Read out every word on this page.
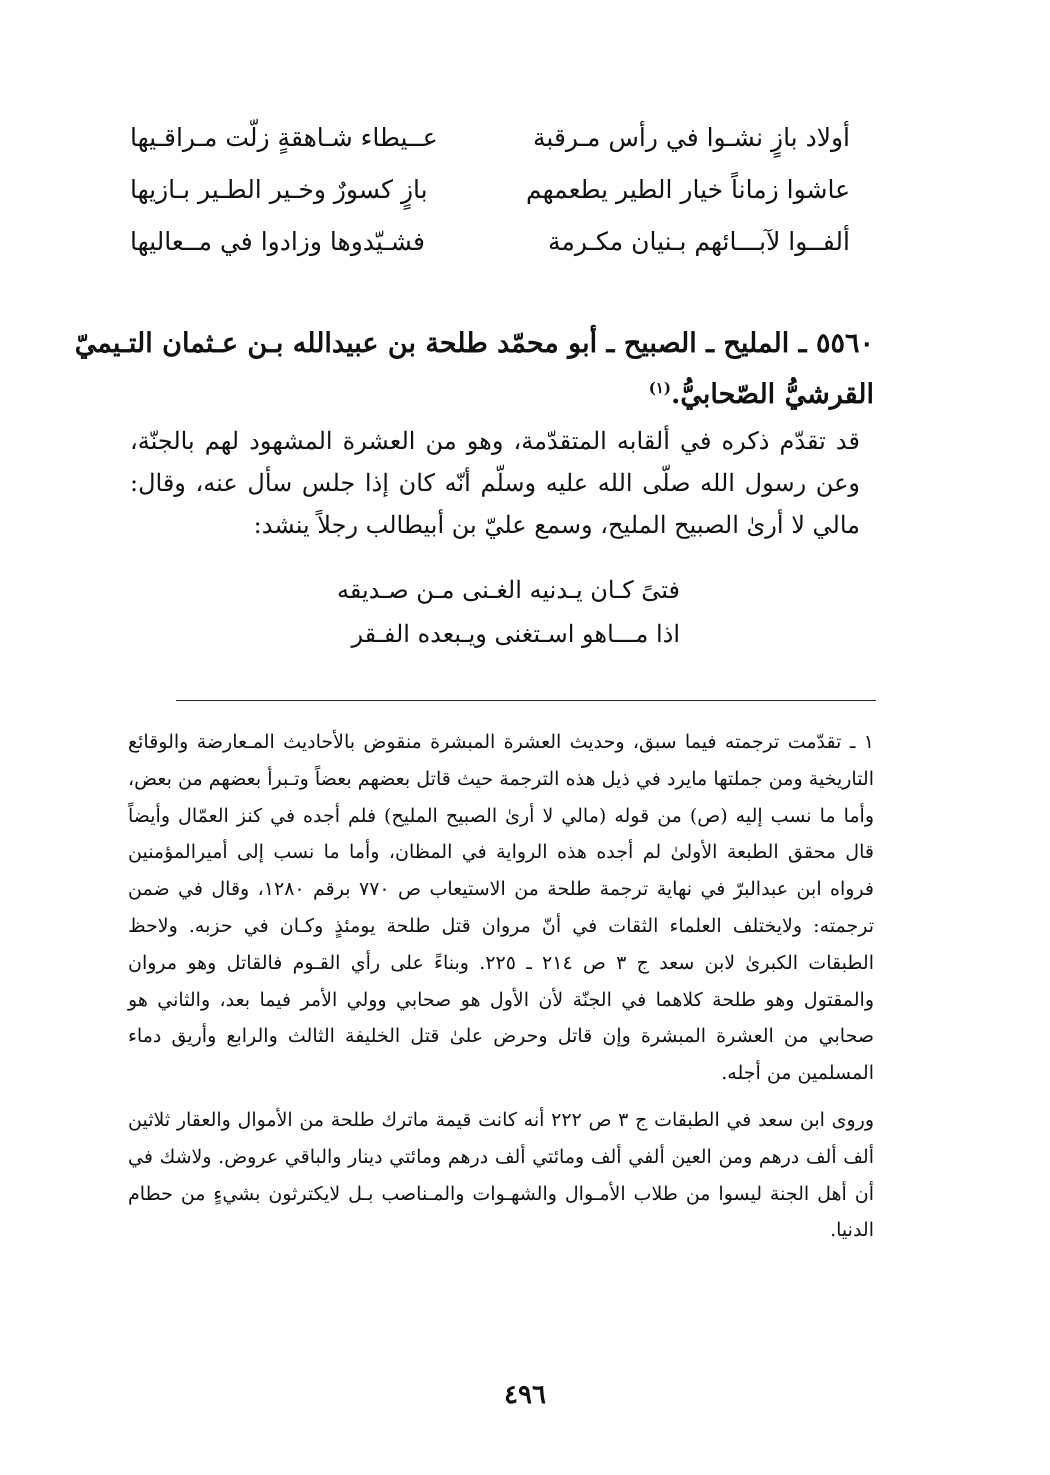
أولاد بازٍ نشـوا في رأس مـرقبة
عــيطاء شـاهقةٍ زلّت مـراقـيها
عاشوا زماناً خيار الطير يطعمهم
بازٍ كسورٌ وخـير الطـير بـازيها
ألفــوا لآبـــائهم بـنيان مكـرمة
فشـيّدوها وزادوا في مــعاليها
٥٥٦٠ ـ المليح ـ الصبيح ـ أبو محمّد طلحة بن عبيدالله بـن عـثمان التـيميّ
القرشيُّ الصّحابيُّ.$^{(١)}$
قد تقدّم ذكره في ألقابه المتقدّمة، وهو من العشرة المشهود لهم بالجنّة، وعن رسول الله صلّى الله عليه وسلّم أنّه كان إذا جلس سأل عنه، وقال: مالي لا أرىٰ الصبيح المليح، وسمع عليّ بن أبيطالب رجلاً ينشد:
فتىً كـان يـدنيه الغـنى مـن صـديقه
اذا مـــاهو اسـتغنى ويـبعده الفـقر

١ ـ تقدّمت ترجمته فيما سبق، وحديث العشرة المبشرة منقوض بالأحاديث المـعارضة والوقائع التاريخية ومن جملتها مايرد في ذيل هذه الترجمة حيث قاتل بعضهم بعضاً وتـبرأ بعضهم من بعض، وأما ما نسب إليه (ص) من قوله (مالي لا أرىٰ الصبيح المليح) فلم أجده في كنز العمّال وأيضاً قال محقق الطبعة الأولىٰ لم أجده هذه الرواية في المظان، وأما ما نسب إلى أميرالمؤمنين فرواه ابن عبدالبرّ في نهاية ترجمة طلحة من الاستيعاب ص ٧٧٠ برقم ١٢٨٠، وقال في ضمن ترجمته: ولايختلف العلماء الثقات في أنّ مروان قتل طلحة يومئذٍ وكـان في حزبه. ولاحظ الطبقات الكبرىٰ لابن سعد ج ٣ ص ٢١٤ ـ ٢٢٥. وبناءً على رأي القـوم فالقاتل وهو مروان والمقتول وهو طلحة كلاهما في الجنّة لأن الأول هو صحابي وولي الأمر فيما بعد، والثاني هو صحابي من العشرة المبشرة وإن قاتل وحرض علىٰ قتل الخليفة الثالث والرابع وأريق دماء المسلمين من أجله.

وروى ابن سعد في الطبقات ج ٣ ص ٢٢٢ أنه كانت قيمة ماترك طلحة من الأموال والعقار ثلاثين ألف ألف درهم ومن العين ألفي ألف ومائتي ألف درهم ومائتي دينار والباقي عروض. ولاشك في أن أهل الجنة ليسوا من طلاب الأمـوال والشهـوات والمـناصب بـل لايكترثون بشيءٍ من حطام الدنيا.

٤٩٦
